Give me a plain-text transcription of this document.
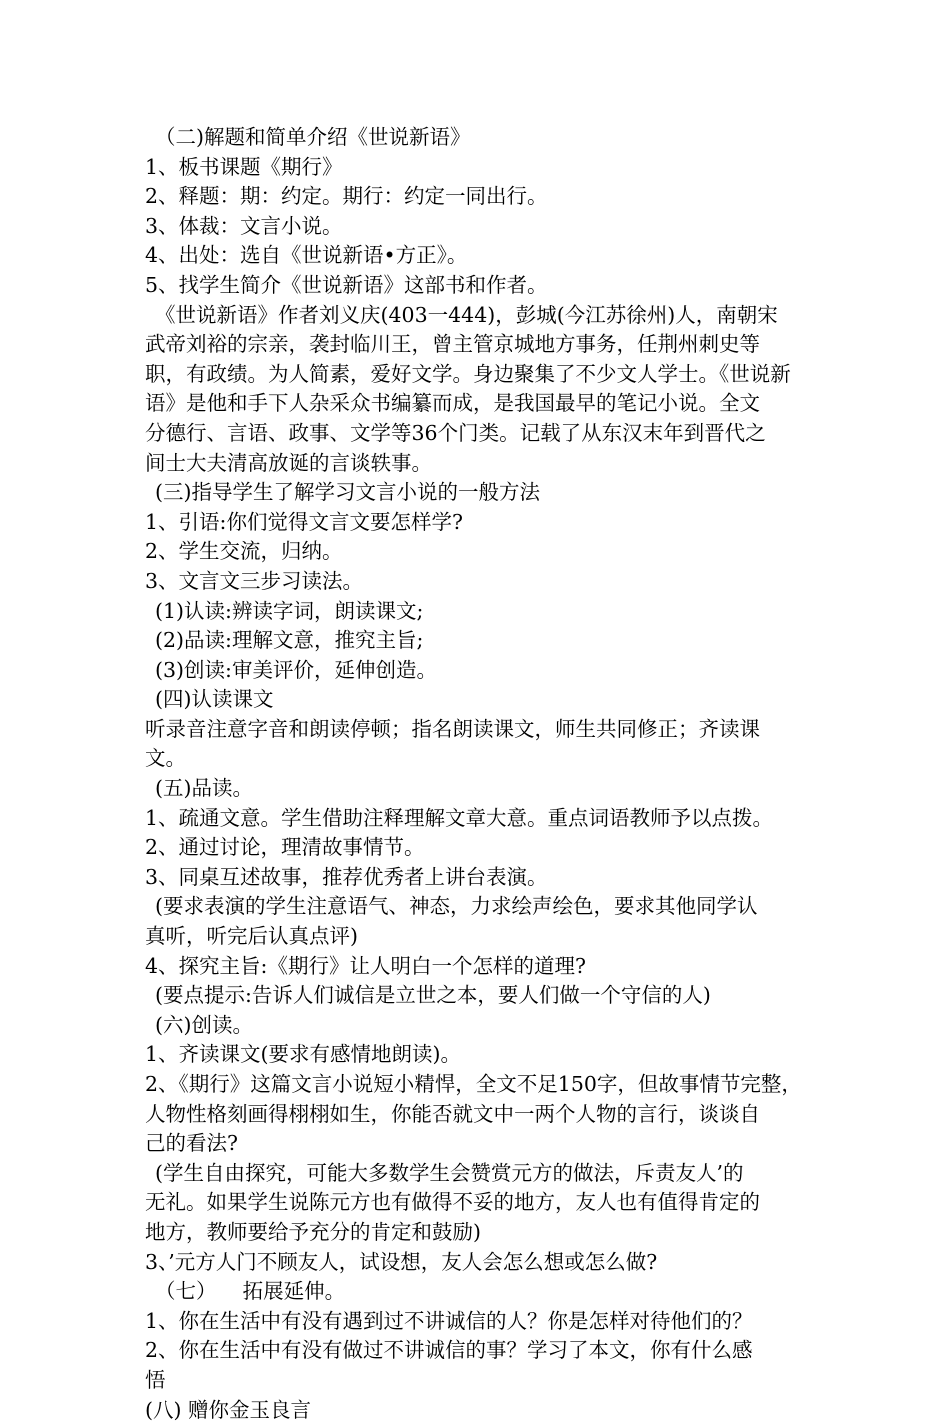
（二)解题和简单介绍《世说新语》

1、板书课题《期行》

2、释题：期：约定。期行：约定一同出行。

3、体裁：文言小说。

4、出处：选自《世说新语•方正》。

5、找学生简介《世说新语》这部书和作者。

《世说新语》作者刘义庆(403一444)，彭城(今江苏徐州)人，南朝宋

武帝刘裕的宗亲，袭封临川王，曾主管京城地方事务，任荆州刺史等

职，有政绩。为人简素，爱好文学。身边聚集了不少文人学士。《世说新

语》是他和手下人杂采众书编纂而成，是我国最早的笔记小说。全文

分德行、言语、政事、文学等36个门类。记载了从东汉末年到晋代之

间士大夫清高放诞的言谈轶事。

(三)指导学生了解学习文言小说的一般方法

1、引语:你们觉得文言文要怎样学?

2、学生交流，归纳。

3、文言文三步习读法。

(1)认读:辨读字词，朗读课文;

(2)品读:理解文意，推究主旨;

(3)创读:审美评价，延伸创造。

(四)认读课文

听录音注意字音和朗读停顿；指名朗读课文，师生共同修正；齐读课

文。

(五)品读。

1、疏通文意。学生借助注释理解文章大意。重点词语教师予以点拨。

2、通过讨论，理清故事情节。

3、同桌互述故事，推荐优秀者上讲台表演。

(要求表演的学生注意语气、神态，力求绘声绘色，要求其他同学认

真听，听完后认真点评)

4、探究主旨:《期行》让人明白一个怎样的道理?

(要点提示:告诉人们诚信是立世之本，要人们做一个守信的人)

(六)创读。

1、齐读课文(要求有感情地朗读)。

2、《期行》这篇文言小说短小精悍，全文不足150字，但故事情节完整，

人物性格刻画得栩栩如生，你能否就文中一两个人物的言行，谈谈自

己的看法?

(学生自由探究，可能大多数学生会赞赏元方的做法，斥责友人’的

无礼。如果学生说陈元方也有做得不妥的地方，友人也有值得肯定的

地方，教师要给予充分的肯定和鼓励)

3、’元方人门不顾友人，试设想，友人会怎么想或怎么做?

（七）    拓展延伸。

1、你在生活中有没有遇到过不讲诚信的人？你是怎样对待他们的？

2、你在生活中有没有做过不讲诚信的事？学习了本文，你有什么感

悟

(八) 赠你金玉良言
